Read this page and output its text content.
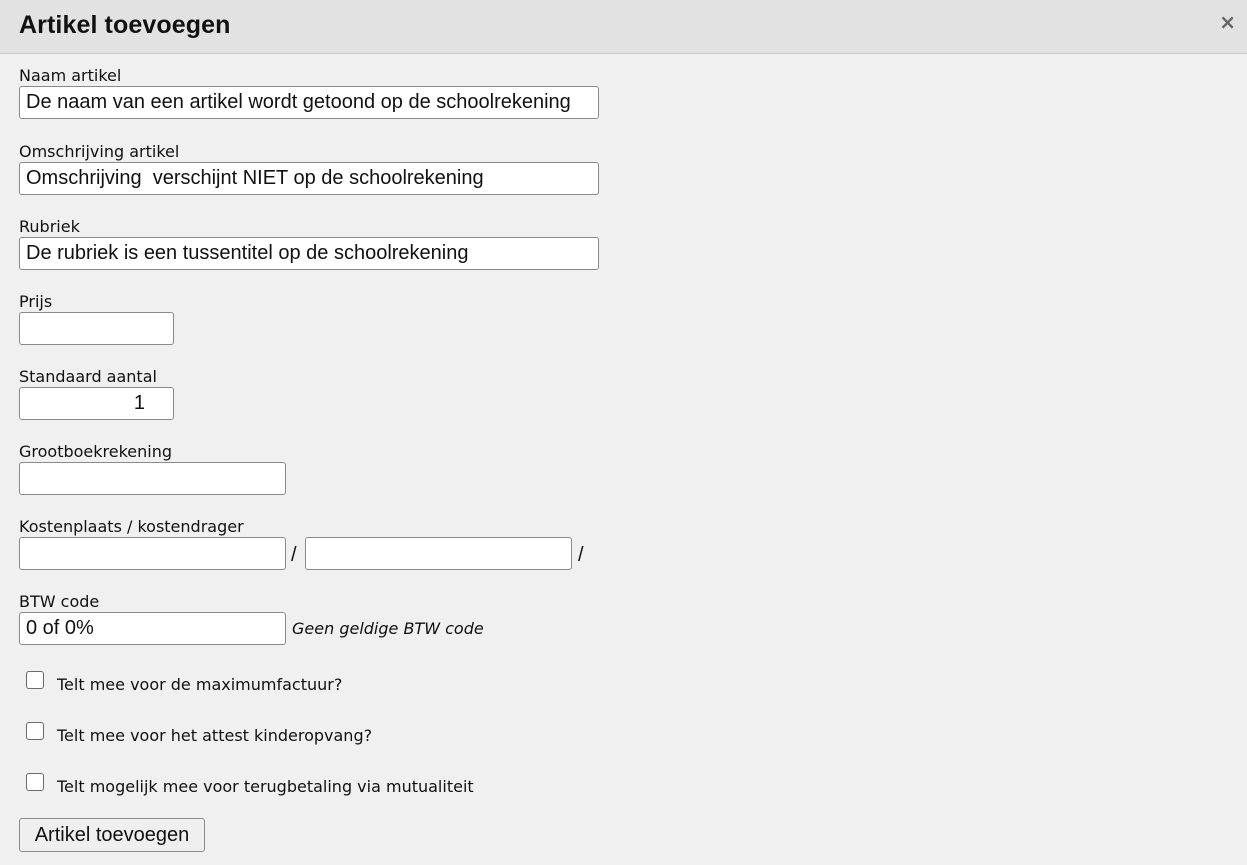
Artikel toevoegen	×
Naam artikel
De naam van een artikel wordt getoond op de schoolrekening
Omschrijving artikel
Omschrijving verschijnt NIET op de schoolrekening
Rubriek
De rubriek is een tussentitel op de schoolrekening
Prijs
Standaard aantal
1
Grootboekrekening
Kostenplaats / kostendrager
/	/
BTW code
0 of 0%
Geen geldige BTW code
Telt mee voor de maximumfactuur?
Telt mee voor het attest kinderopvang?
Telt mogelijk mee voor terugbetaling via mutualiteit
Artikel toevoegen
